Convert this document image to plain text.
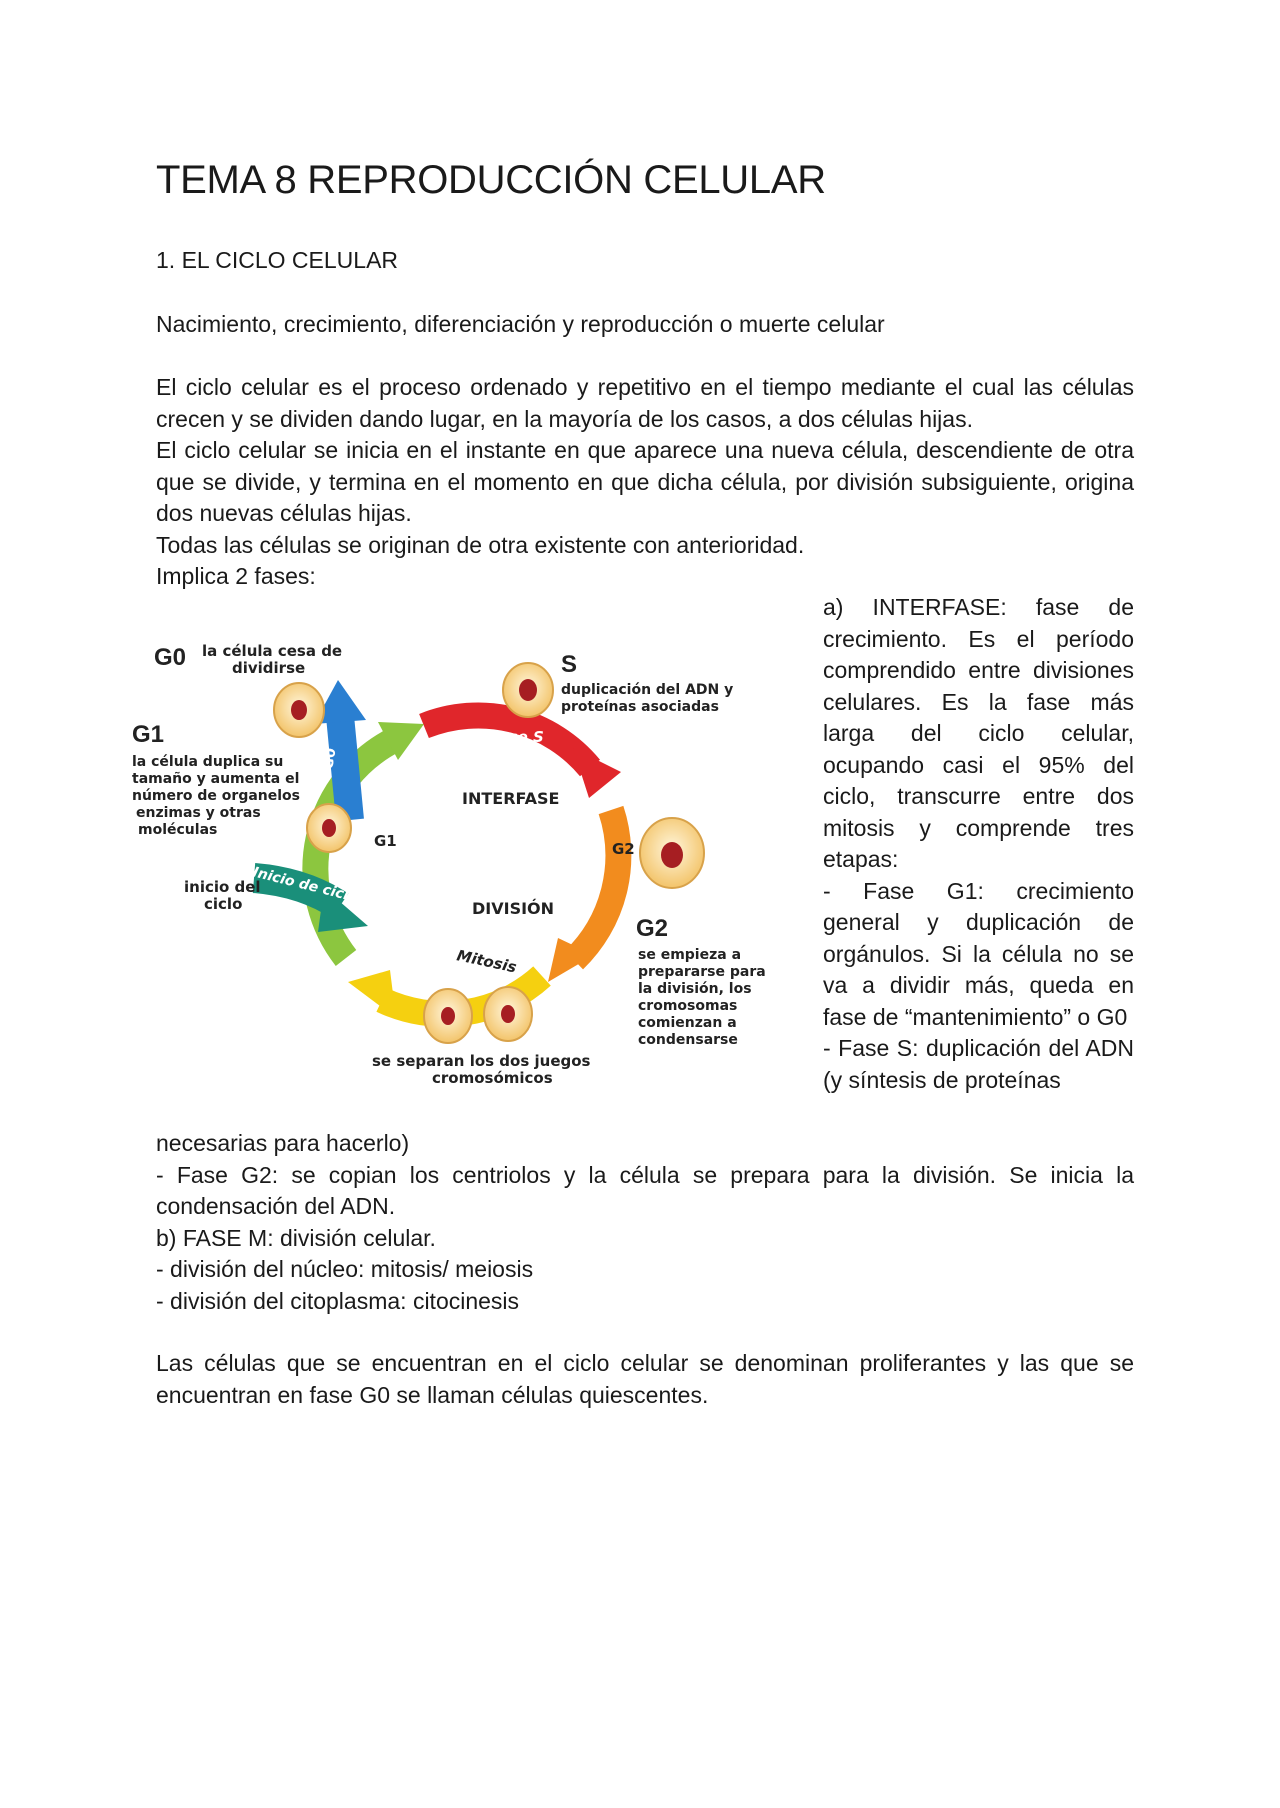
TEMA 8 REPRODUCCIÓN CELULAR
1. EL CICLO CELULAR

Nacimiento, crecimiento, diferenciación y reproducción o muerte celular

El ciclo celular es el proceso ordenado y repetitivo en el tiempo mediante el cual las células crecen y se dividen dando lugar, en la mayoría de los casos, a dos células hijas.

El ciclo celular se inicia en el instante en que aparece una nueva célula, descendiente de otra que se divide, y termina en el momento en que dicha célula, por división subsiguiente, origina dos nuevas células hijas.

Todas las células se originan de otra existente con anterioridad.

Implica 2 fases:

a) INTERFASE: fase de crecimiento. Es el período comprendido entre divisiones celulares. Es la fase más larga del ciclo celular, ocupando casi el 95% del ciclo, transcurre entre dos mitosis y comprende tres etapas:

- Fase G1: crecimiento general y duplicación de orgánulos. Si la célula no se va a dividir más, queda en fase de “mantenimiento” o G0

- Fase S: duplicación del ADN (y síntesis de proteínas

necesarias para hacerlo)

- Fase G2: se copian los centriolos y la célula se prepara para la división. Se inicia la condensación del ADN.

b) FASE M: división celular.

- división del núcleo: mitosis/ meiosis

- división del citoplasma: citocinesis

Las células que se encuentran en el ciclo celular se denominan proliferantes y las que se encuentran en fase G0 se llaman células quiescentes.

Fase S
Mitosis
Inicio de ciclo
G0
G1	G2
INTERFASE
DIVISIÓN
G0
G1
S
G2
la célula cesa de dividirse
la célula duplica su tamaño y aumenta el número de organelos enzimas y otras moléculas
duplicación del ADN y proteínas asociadas
se empieza a prepararse para la división, los cromosomas comienzan a condensarse
inicio del ciclo
se separan los dos juegos cromosómicos
